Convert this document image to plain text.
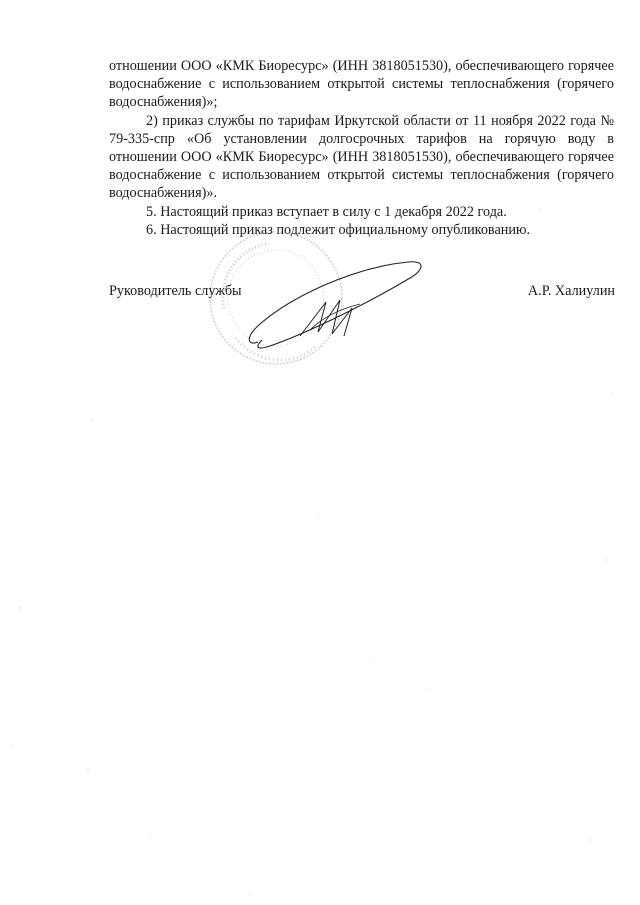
отношении ООО «КМК Биоресурс» (ИНН 3818051530), обеспечивающего горячее водоснабжение с использованием открытой системы теплоснабжения (горячего водоснабжения)»;

2) приказ службы по тарифам Иркутской области от 11 ноября 2022 года № 79-335-спр «Об установлении долгосрочных тарифов на горячую воду в отношении ООО «КМК Биоресурс» (ИНН 3818051530), обеспечивающего горячее водоснабжение с использованием открытой системы теплоснабжения (горячего водоснабжения)».

5. Настоящий приказ вступает в силу с 1 декабря 2022 года.

6. Настоящий приказ подлежит официальному опубликованию.

Руководитель службы	А.Р. Халиулин
